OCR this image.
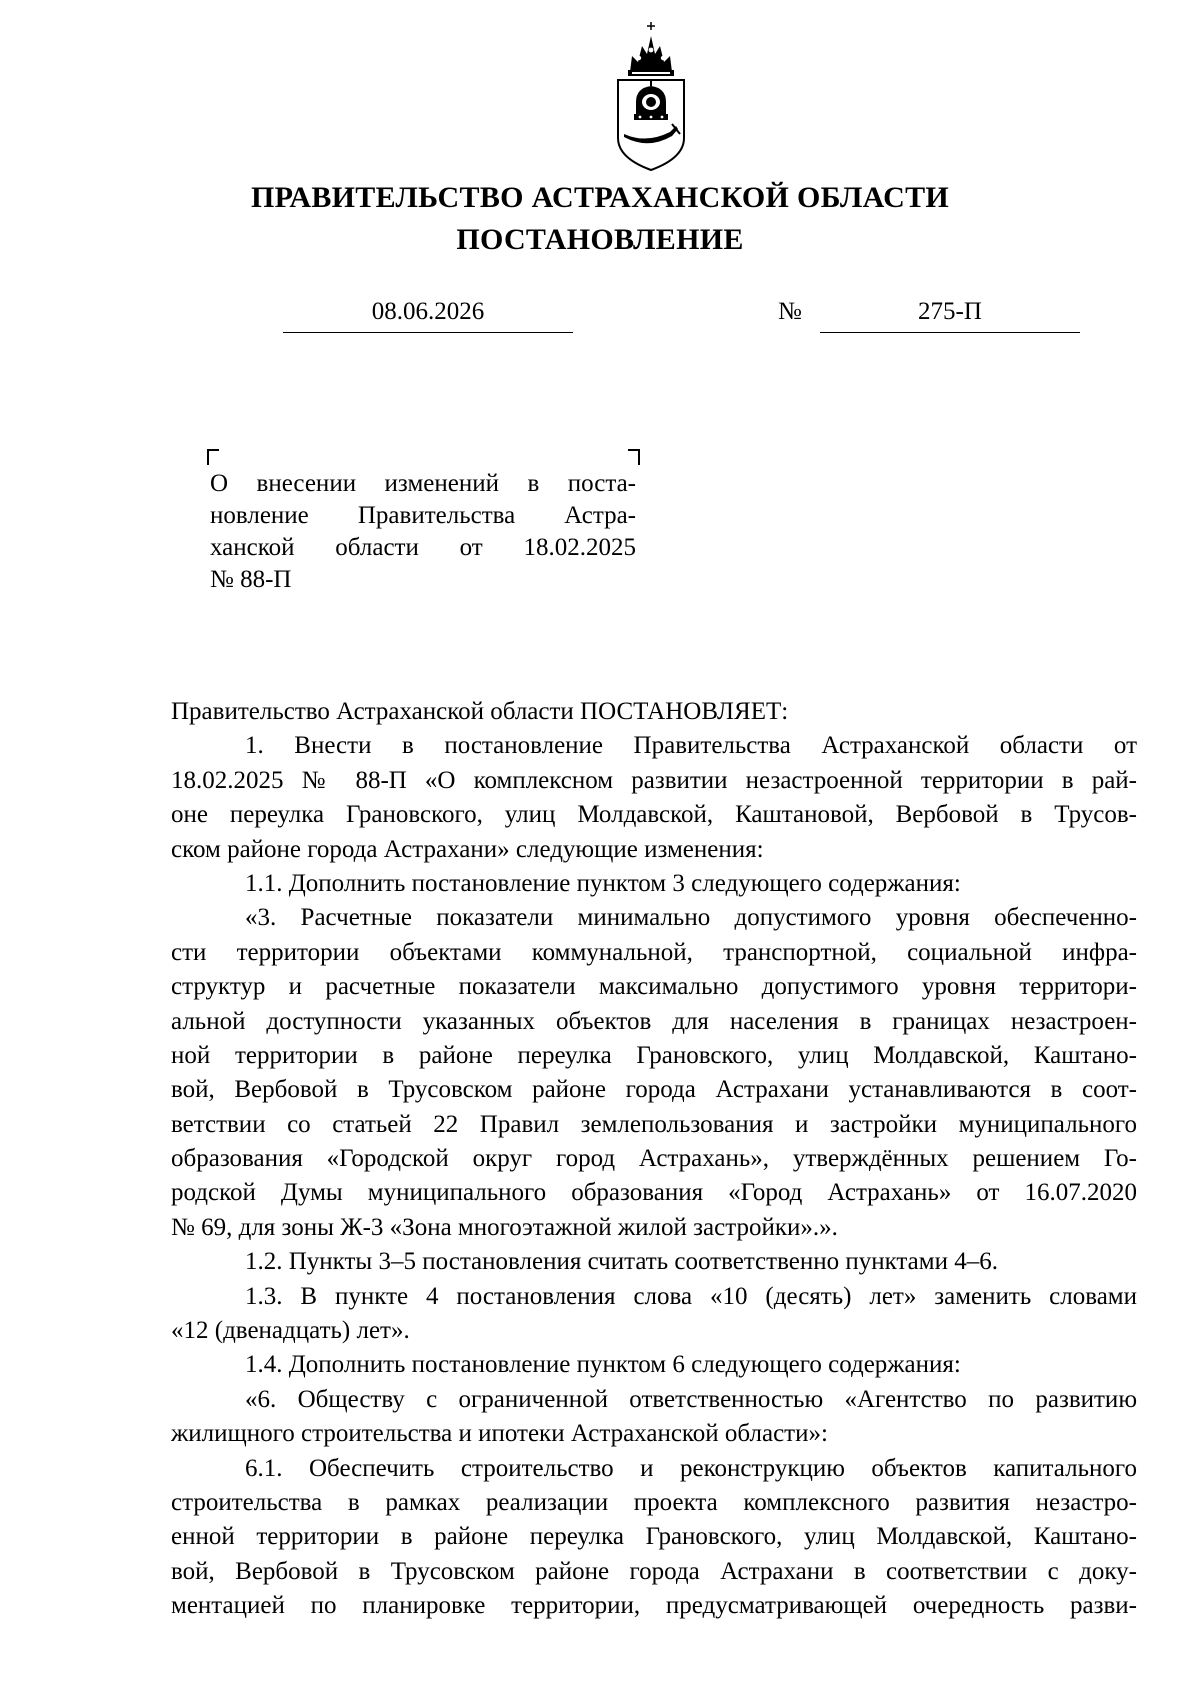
ПРАВИТЕЛЬСТВО АСТРАХАНСКОЙ ОБЛАСТИ
ПОСТАНОВЛЕНИЕ
08.06.2026	№	275-П
О внесении изменений в поста-
новление Правительства Астра-
ханской области от 18.02.2025
№ 88-П
Правительство Астраханской области ПОСТАНОВЛЯЕТ:
1. Внести в постановление Правительства Астраханской области от
18.02.2025 № 88-П «О комплексном развитии незастроенной территории в рай-
оне переулка Грановского, улиц Молдавской, Каштановой, Вербовой в Трусов-
ском районе города Астрахани» следующие изменения:
1.1. Дополнить постановление пунктом 3 следующего содержания:
«3. Расчетные показатели минимально допустимого уровня обеспеченно-
сти территории объектами коммунальной, транспортной, социальной инфра-
структур и расчетные показатели максимально допустимого уровня территори-
альной доступности указанных объектов для населения в границах незастроен-
ной территории в районе переулка Грановского, улиц Молдавской, Каштано-
вой, Вербовой в Трусовском районе города Астрахани устанавливаются в соот-
ветствии со статьей 22 Правил землепользования и застройки муниципального
образования «Городской округ город Астрахань», утверждённых решением Го-
родской Думы муниципального образования «Город Астрахань» от 16.07.2020
№ 69, для зоны Ж-3 «Зона многоэтажной жилой застройки».».
1.2. Пункты 3–5 постановления считать соответственно пунктами 4–6.
1.3. В пункте 4 постановления слова «10 (десять) лет» заменить словами
«12 (двенадцать) лет».
1.4. Дополнить постановление пунктом 6 следующего содержания:
«6. Обществу с ограниченной ответственностью «Агентство по развитию
жилищного строительства и ипотеки Астраханской области»:
6.1. Обеспечить строительство и реконструкцию объектов капитального
строительства в рамках реализации проекта комплексного развития незастро-
енной территории в районе переулка Грановского, улиц Молдавской, Каштано-
вой, Вербовой в Трусовском районе города Астрахани в соответствии с доку-
ментацией по планировке территории, предусматривающей очередность разви-
